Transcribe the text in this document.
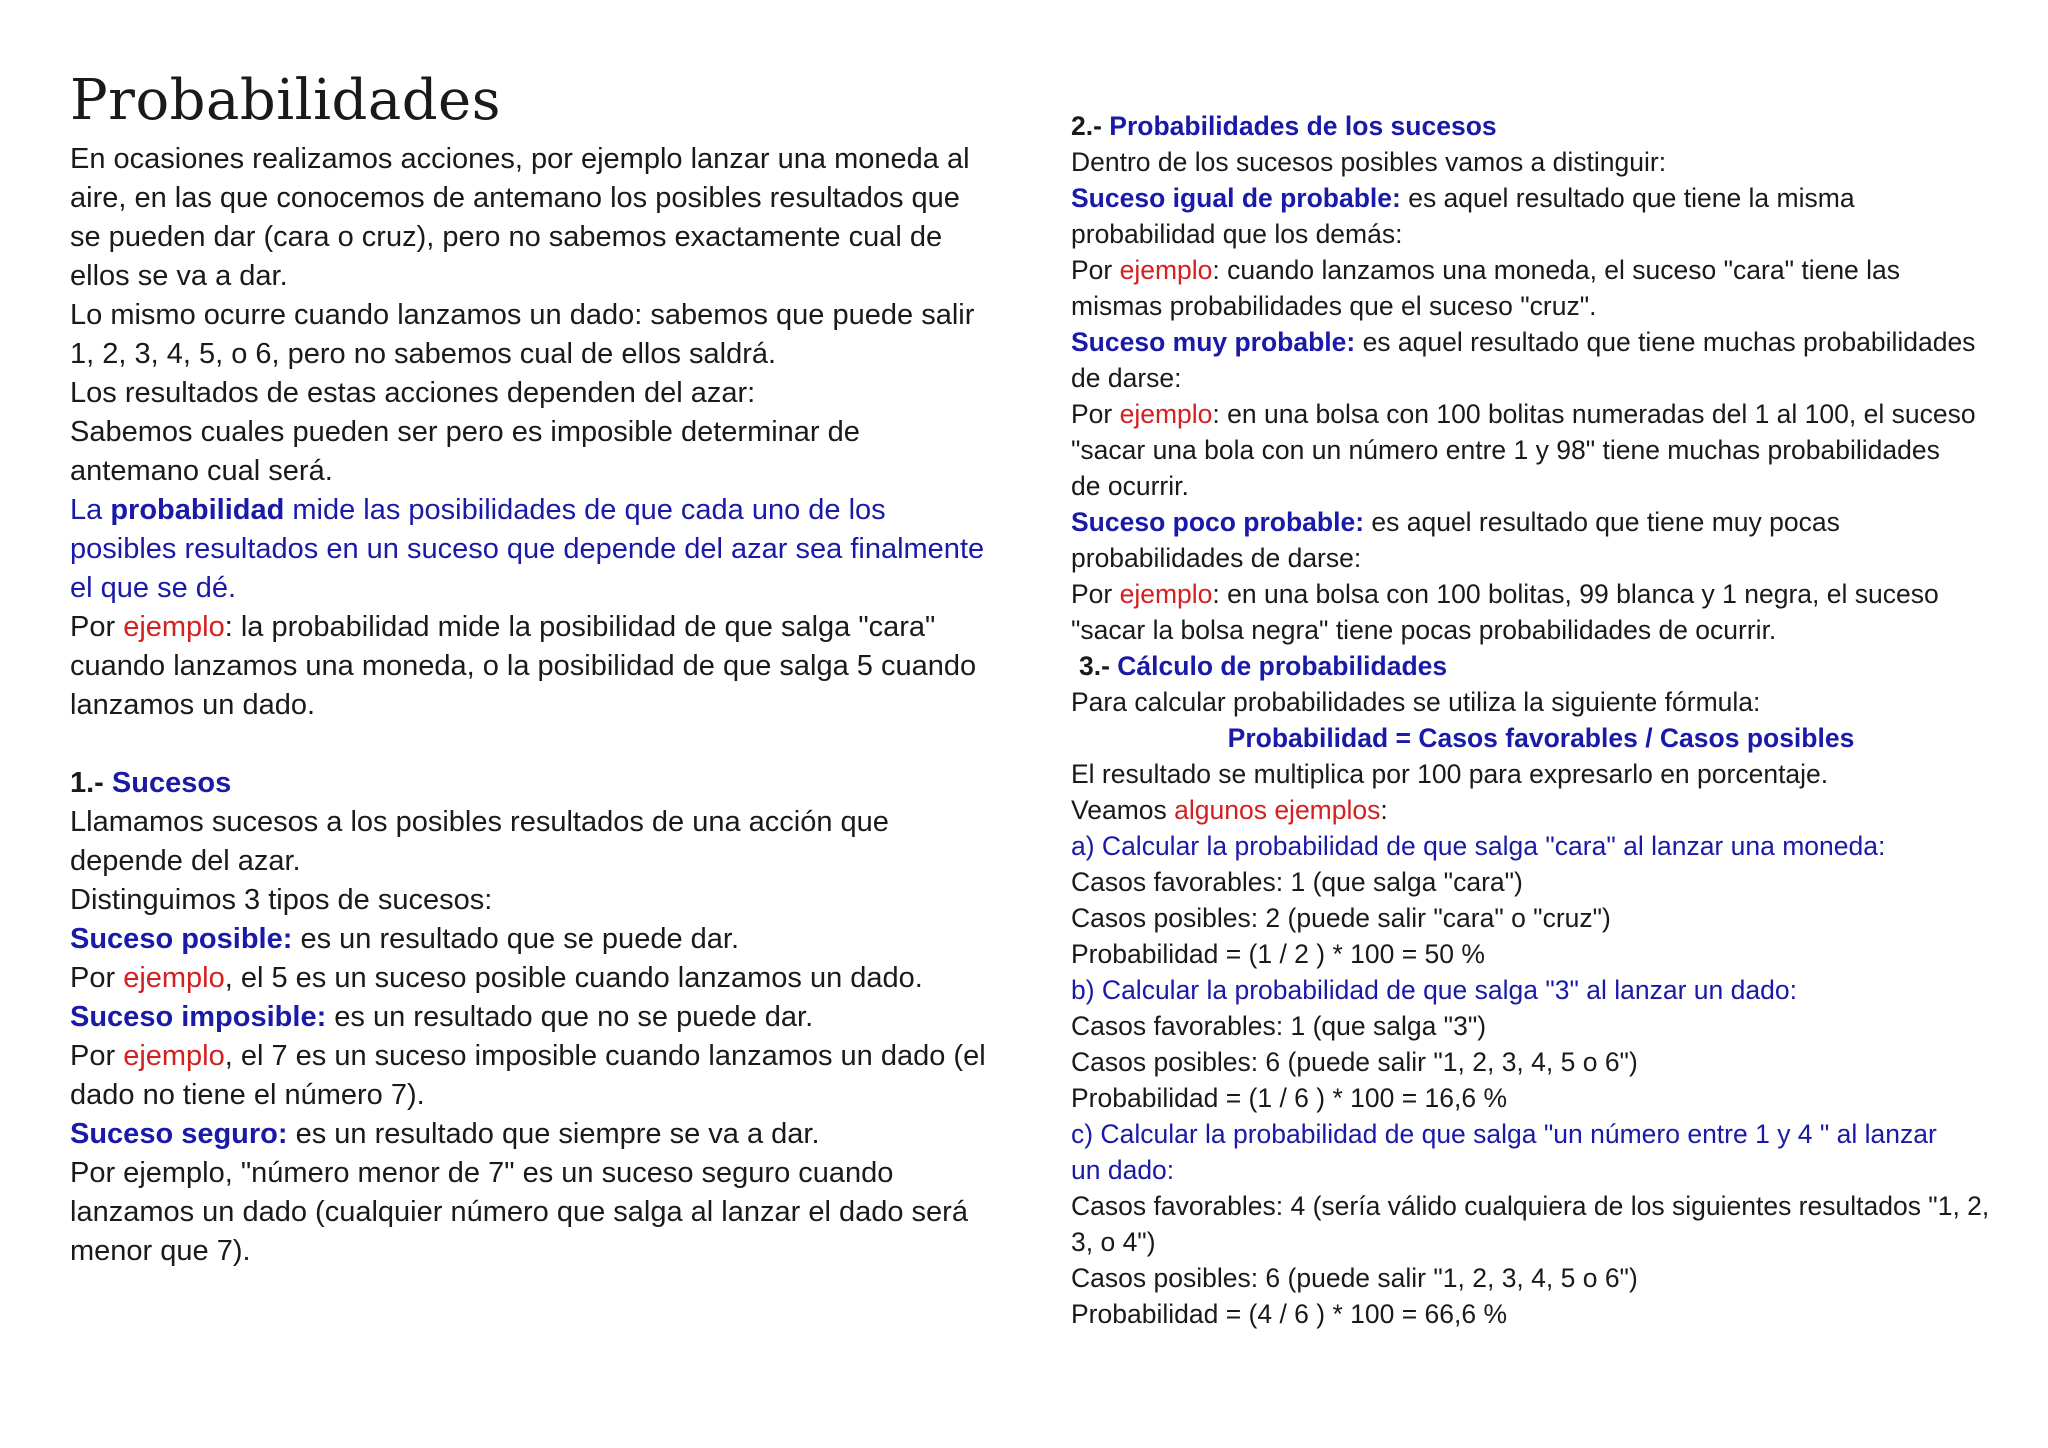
Probabilidades
En ocasiones realizamos acciones, por ejemplo lanzar una moneda al
aire, en las que conocemos de antemano los posibles resultados que
se pueden dar (cara o cruz), pero no sabemos exactamente cual de
ellos se va a dar.
Lo mismo ocurre cuando lanzamos un dado: sabemos que puede salir
1, 2, 3, 4, 5, o 6, pero no sabemos cual de ellos saldrá.
Los resultados de estas acciones dependen del azar:
Sabemos cuales pueden ser pero es imposible determinar de
antemano cual será.
La probabilidad mide las posibilidades de que cada uno de los
posibles resultados en un suceso que depende del azar sea finalmente
el que se dé.
Por ejemplo: la probabilidad mide la posibilidad de que salga "cara"
cuando lanzamos una moneda, o la posibilidad de que salga 5 cuando
lanzamos un dado.
1.- Sucesos
Llamamos sucesos a los posibles resultados de una acción que
depende del azar.
Distinguimos 3 tipos de sucesos:
Suceso posible: es un resultado que se puede dar.
Por ejemplo, el 5 es un suceso posible cuando lanzamos un dado.
Suceso imposible: es un resultado que no se puede dar.
Por ejemplo, el 7 es un suceso imposible cuando lanzamos un dado (el
dado no tiene el número 7).
Suceso seguro: es un resultado que siempre se va a dar.
Por ejemplo, "número menor de 7" es un suceso seguro cuando
lanzamos un dado (cualquier número que salga al lanzar el dado será
menor que 7).
2.- Probabilidades de los sucesos
Dentro de los sucesos posibles vamos a distinguir:
Suceso igual de probable: es aquel resultado que tiene la misma
probabilidad que los demás:
Por ejemplo: cuando lanzamos una moneda, el suceso "cara" tiene las
mismas probabilidades que el suceso "cruz".
Suceso muy probable: es aquel resultado que tiene muchas probabilidades
de darse:
Por ejemplo: en una bolsa con 100 bolitas numeradas del 1 al 100, el suceso
"sacar una bola con un número entre 1 y 98" tiene muchas probabilidades
de ocurrir.
Suceso poco probable: es aquel resultado que tiene muy pocas
probabilidades de darse:
Por ejemplo: en una bolsa con 100 bolitas, 99 blanca y 1 negra, el suceso
"sacar la bolsa negra" tiene pocas probabilidades de ocurrir.
3.- Cálculo de probabilidades
Para calcular probabilidades se utiliza la siguiente fórmula:
Probabilidad = Casos favorables / Casos posibles
El resultado se multiplica por 100 para expresarlo en porcentaje.
Veamos algunos ejemplos:
a) Calcular la probabilidad de que salga "cara" al lanzar una moneda:
Casos favorables: 1 (que salga "cara")
Casos posibles: 2 (puede salir "cara" o "cruz")
Probabilidad = (1 / 2 ) * 100 = 50 %
b) Calcular la probabilidad de que salga "3" al lanzar un dado:
Casos favorables: 1 (que salga "3")
Casos posibles: 6 (puede salir "1, 2, 3, 4, 5 o 6")
Probabilidad = (1 / 6 ) * 100 = 16,6 %
c) Calcular la probabilidad de que salga "un número entre 1 y 4 " al lanzar
un dado:
Casos favorables: 4 (sería válido cualquiera de los siguientes resultados "1, 2,
3, o 4")
Casos posibles: 6 (puede salir "1, 2, 3, 4, 5 o 6")
Probabilidad = (4 / 6 ) * 100 = 66,6 %
